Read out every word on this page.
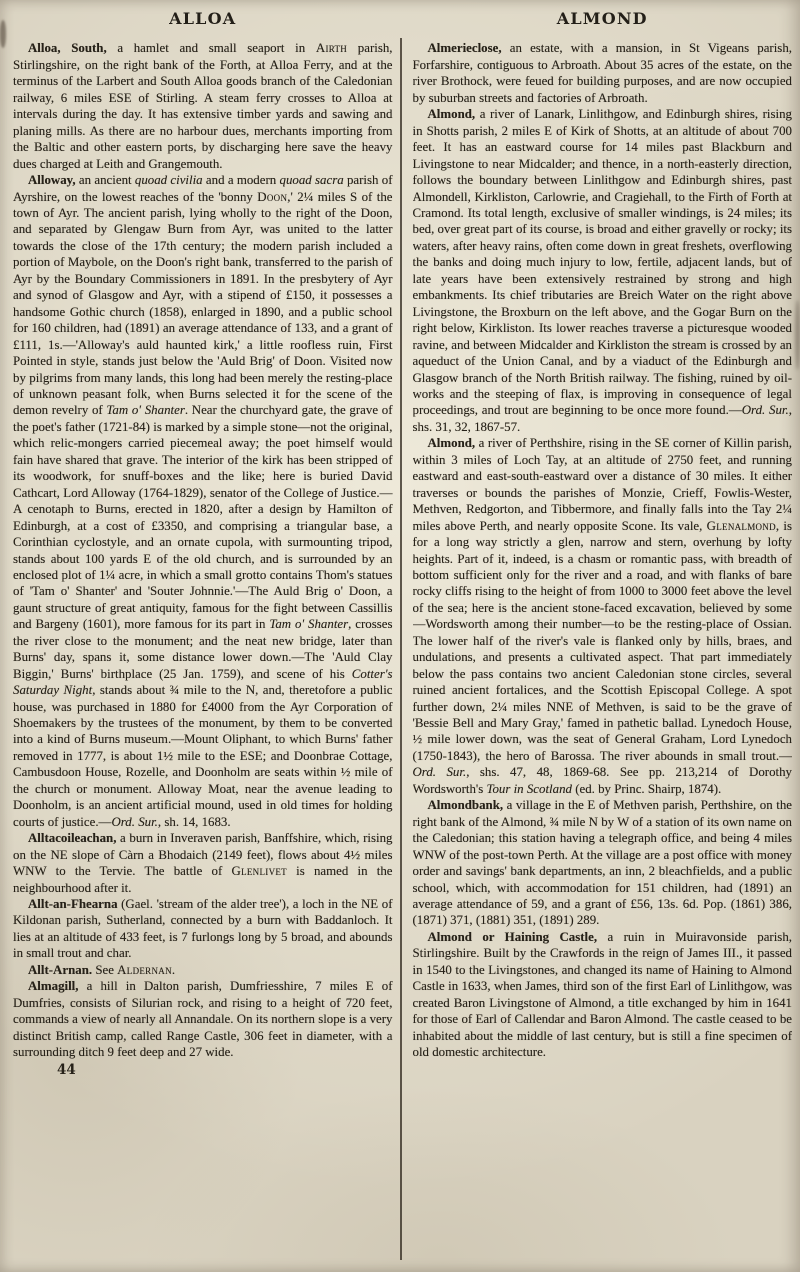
ALLOA

Alloa, South, a hamlet and small seaport in Airth parish, Stirlingshire, on the right bank of the Forth, at Alloa Ferry, and at the terminus of the Larbert and South Alloa goods branch of the Caledonian railway, 6 miles ESE of Stirling. A steam ferry crosses to Alloa at intervals during the day. It has extensive timber yards and sawing and planing mills. As there are no harbour dues, merchants importing from the Baltic and other eastern ports, by discharging here save the heavy dues charged at Leith and Grangemouth.

Alloway, an ancient quoad civilia and a modern quoad sacra parish of Ayrshire, on the lowest reaches of the 'bonny Doon,' 2¼ miles S of the town of Ayr. The ancient parish, lying wholly to the right of the Doon, and separated by Glengaw Burn from Ayr, was united to the latter towards the close of the 17th century; the modern parish included a portion of Maybole, on the Doon's right bank, transferred to the parish of Ayr by the Boundary Commissioners in 1891. In the presbytery of Ayr and synod of Glasgow and Ayr, with a stipend of £150, it possesses a handsome Gothic church (1858), enlarged in 1890, and a public school for 160 children, had (1891) an average attendance of 133, and a grant of £111, 1s.—'Alloway's auld haunted kirk,' a little roofless ruin, First Pointed in style, stands just below the 'Auld Brig' of Doon. Visited now by pilgrims from many lands, this long had been merely the resting-place of unknown peasant folk, when Burns selected it for the scene of the demon revelry of Tam o' Shanter. Near the churchyard gate, the grave of the poet's father (1721-84) is marked by a simple stone—not the original, which relic-mongers carried piecemeal away; the poet himself would fain have shared that grave. The interior of the kirk has been stripped of its woodwork, for snuff-boxes and the like; here is buried David Cathcart, Lord Alloway (1764-1829), senator of the College of Justice.—A cenotaph to Burns, erected in 1820, after a design by Hamilton of Edinburgh, at a cost of £3350, and comprising a triangular base, a Corinthian cyclostyle, and an ornate cupola, with surmounting tripod, stands about 100 yards E of the old church, and is surrounded by an enclosed plot of 1¼ acre, in which a small grotto contains Thom's statues of 'Tam o' Shanter' and 'Souter Johnnie.'—The Auld Brig o' Doon, a gaunt structure of great antiquity, famous for the fight between Cassillis and Bargeny (1601), more famous for its part in Tam o' Shanter, crosses the river close to the monument; and the neat new bridge, later than Burns' day, spans it, some distance lower down.—The 'Auld Clay Biggin,' Burns' birthplace (25 Jan. 1759), and scene of his Cotter's Saturday Night, stands about ¾ mile to the N, and, theretofore a public house, was purchased in 1880 for £4000 from the Ayr Corporation of Shoemakers by the trustees of the monument, by them to be converted into a kind of Burns museum.—Mount Oliphant, to which Burns' father removed in 1777, is about 1½ mile to the ESE; and Doonbrae Cottage, Cambusdoon House, Rozelle, and Doonholm are seats within ½ mile of the church or monument. Alloway Moat, near the avenue leading to Doonholm, is an ancient artificial mound, used in old times for holding courts of justice.—Ord. Sur., sh. 14, 1683.

Alltacoileachan, a burn in Inveraven parish, Banffshire, which, rising on the NE slope of Càrn a Bhodaich (2149 feet), flows about 4½ miles WNW to the Tervie. The battle of Glenlivet is named in the neighbourhood after it.

Allt-an-Fhearna (Gael. 'stream of the alder tree'), a loch in the NE of Kildonan parish, Sutherland, connected by a burn with Baddanloch. It lies at an altitude of 433 feet, is 7 furlongs long by 5 broad, and abounds in small trout and char.

Allt-Arnan. See Aldernan.

Almagill, a hill in Dalton parish, Dumfriesshire, 7 miles E of Dumfries, consists of Silurian rock, and rising to a height of 720 feet, commands a view of nearly all Annandale. On its northern slope is a very distinct British camp, called Range Castle, 306 feet in diameter, with a surrounding ditch 9 feet deep and 27 wide.

44
ALMOND

Almerieclose, an estate, with a mansion, in St Vigeans parish, Forfarshire, contiguous to Arbroath. About 35 acres of the estate, on the river Brothock, were feued for building purposes, and are now occupied by suburban streets and factories of Arbroath.

Almond, a river of Lanark, Linlithgow, and Edinburgh shires, rising in Shotts parish, 2 miles E of Kirk of Shotts, at an altitude of about 700 feet. It has an eastward course for 14 miles past Blackburn and Livingstone to near Midcalder; and thence, in a north-easterly direction, follows the boundary between Linlithgow and Edinburgh shires, past Almondell, Kirkliston, Carlowrie, and Cragiehall, to the Firth of Forth at Cramond. Its total length, exclusive of smaller windings, is 24 miles; its bed, over great part of its course, is broad and either gravelly or rocky; its waters, after heavy rains, often come down in great freshets, overflowing the banks and doing much injury to low, fertile, adjacent lands, but of late years have been extensively restrained by strong and high embankments. Its chief tributaries are Breich Water on the right above Livingstone, the Broxburn on the left above, and the Gogar Burn on the right below, Kirkliston. Its lower reaches traverse a picturesque wooded ravine, and between Midcalder and Kirkliston the stream is crossed by an aqueduct of the Union Canal, and by a viaduct of the Edinburgh and Glasgow branch of the North British railway. The fishing, ruined by oil-works and the steeping of flax, is improving in consequence of legal proceedings, and trout are beginning to be once more found.—Ord. Sur., shs. 31, 32, 1867-57.

Almond, a river of Perthshire, rising in the SE corner of Killin parish, within 3 miles of Loch Tay, at an altitude of 2750 feet, and running eastward and east-south-eastward over a distance of 30 miles. It either traverses or bounds the parishes of Monzie, Crieff, Fowlis-Wester, Methven, Redgorton, and Tibbermore, and finally falls into the Tay 2¼ miles above Perth, and nearly opposite Scone. Its vale, Glenalmond, is for a long way strictly a glen, narrow and stern, overhung by lofty heights. Part of it, indeed, is a chasm or romantic pass, with breadth of bottom sufficient only for the river and a road, and with flanks of bare rocky cliffs rising to the height of from 1000 to 3000 feet above the level of the sea; here is the ancient stone-faced excavation, believed by some—Wordsworth among their number—to be the resting-place of Ossian. The lower half of the river's vale is flanked only by hills, braes, and undulations, and presents a cultivated aspect. That part immediately below the pass contains two ancient Caledonian stone circles, several ruined ancient fortalices, and the Scottish Episcopal College. A spot further down, 2¼ miles NNE of Methven, is said to be the grave of 'Bessie Bell and Mary Gray,' famed in pathetic ballad. Lynedoch House, ½ mile lower down, was the seat of General Graham, Lord Lynedoch (1750-1843), the hero of Barossa. The river abounds in small trout.—Ord. Sur., shs. 47, 48, 1869-68. See pp. 213,214 of Dorothy Wordsworth's Tour in Scotland (ed. by Princ. Shairp, 1874).

Almondbank, a village in the E of Methven parish, Perthshire, on the right bank of the Almond, ¾ mile N by W of a station of its own name on the Caledonian; this station having a telegraph office, and being 4 miles WNW of the post-town Perth. At the village are a post office with money order and savings' bank departments, an inn, 2 bleachfields, and a public school, which, with accommodation for 151 children, had (1891) an average attendance of 59, and a grant of £56, 13s. 6d. Pop. (1861) 386, (1871) 371, (1881) 351, (1891) 289.

Almond or Haining Castle, a ruin in Muiravonside parish, Stirlingshire. Built by the Crawfords in the reign of James III., it passed in 1540 to the Livingstones, and changed its name of Haining to Almond Castle in 1633, when James, third son of the first Earl of Linlithgow, was created Baron Livingstone of Almond, a title exchanged by him in 1641 for those of Earl of Callendar and Baron Almond. The castle ceased to be inhabited about the middle of last century, but is still a fine specimen of old domestic architecture.
